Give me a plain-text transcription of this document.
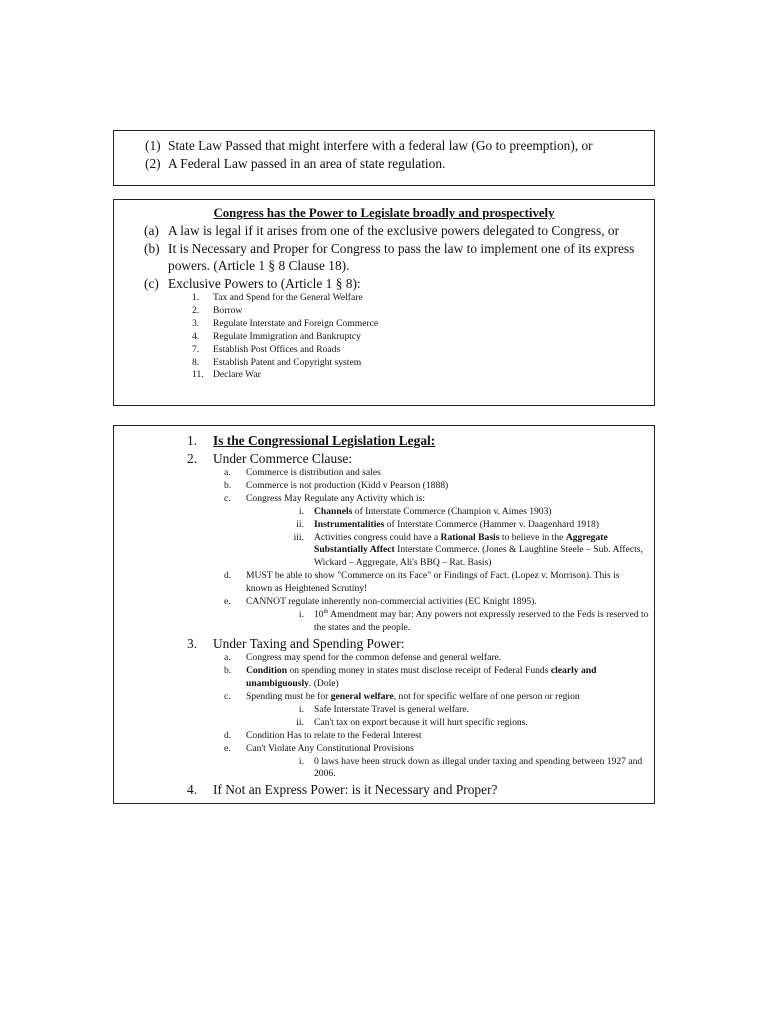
(1) State Law Passed that might interfere with a federal law (Go to preemption), or
(2) A Federal Law passed in an area of state regulation.
Congress has the Power to Legislate broadly and prospectively
(a) A law is legal if it arises from one of the exclusive powers delegated to Congress, or
(b) It is Necessary and Proper for Congress to pass the law to implement one of its express powers. (Article 1 § 8 Clause 18).
(c) Exclusive Powers to (Article 1 § 8):
1.	Tax and Spend for the General Welfare
2.	Borrow
3.	Regulate Interstate and Foreign Commerce
4.	Regulate Immigration and Bankruptcy
7.	Establish Post Offices and Roads
8.	Establish Patent and Copyright system
11. Declare War
1.	Is the Congressional Legislation Legal:
2.	Under Commerce Clause:
a.	Commerce is distribution and sales
b.	Commerce is not production (Kidd v Pearson (1888)
c.	Congress May Regulate any Activity which is:
i.	Channels of Interstate Commerce (Champion v. Aimes 1903)
ii.	Instrumentalities of Interstate Commerce (Hammer v. Daagenhard 1918)
iii.	Activities congress could have a Rational Basis to believe in the Aggregate Substantially Affect Interstate Commerce. (Jones & Laughline Steele – Sub. Affects, Wickard – Aggregate, Ali's BBQ – Rat. Basis)
d.	MUST be able to show "Commerce on its Face" or Findings of Fact. (Lopez v. Morrison). This is known as Heightened Scrutiny!
e.	CANNOT regulate inherently non-commercial activities (EC Knight 1895).
i.	10th Amendment may bar: Any powers not expressly reserved to the Feds is reserved to the states and the people.
3.	Under Taxing and Spending Power:
a.	Congress may spend for the common defense and general welfare.
b.	Condition on spending money in states must disclose receipt of Federal Funds clearly and unambiguously. (Dole)
c.	Spending must be for general welfare, not for specific welfare of one person or region
i.	Safe Interstate Travel is general welfare.
ii.	Can't tax on export because it will hurt specific regions.
d.	Condition Has to relate to the Federal Interest
e.	Can't Violate Any Constitutional Provisions
i.	0 laws have been struck down as illegal under taxing and spending between 1927 and 2006.
4.	If Not an Express Power: is it Necessary and Proper?
